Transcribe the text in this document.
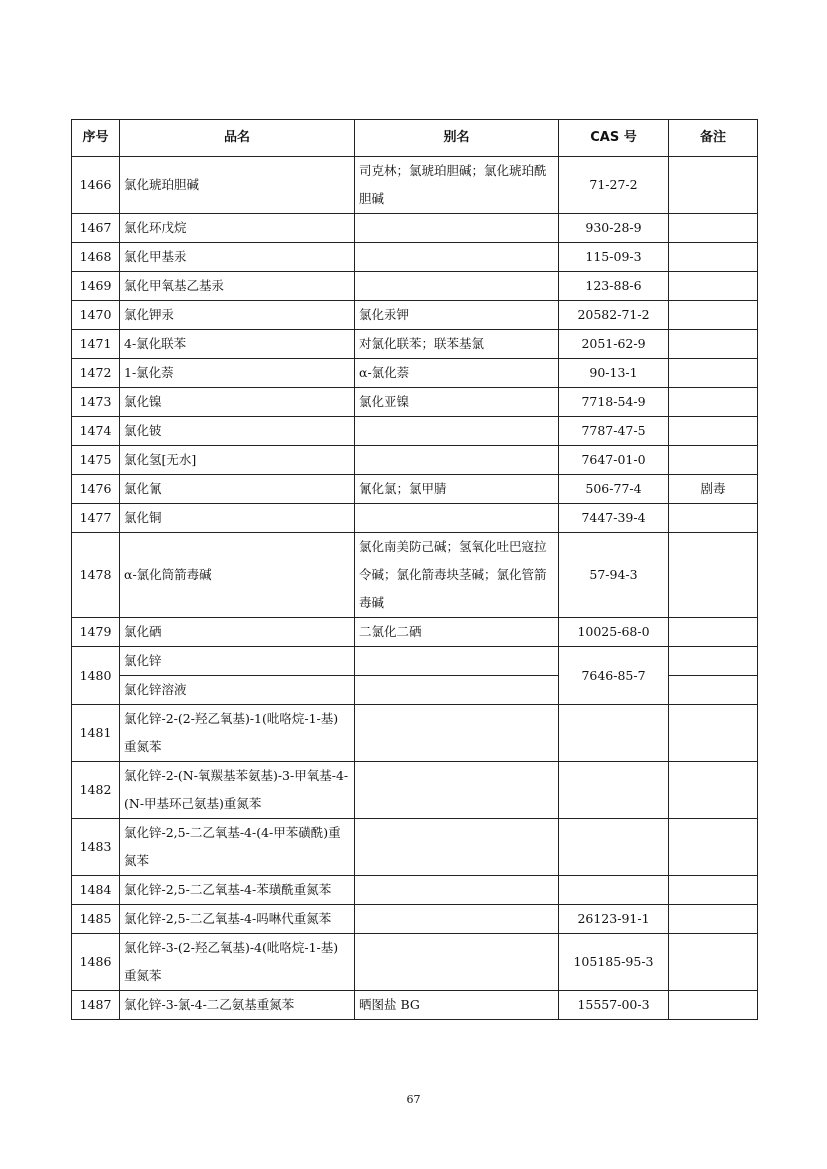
序号	品名	别名	CAS 号	备注
1466	氯化琥珀胆碱	司克林；氯琥珀胆碱；氯化琥珀酰胆碱	71-27-2	
1467	氯化环戊烷		930-28-9	
1468	氯化甲基汞		115-09-3	
1469	氯化甲氧基乙基汞		123-88-6	
1470	氯化钾汞	氯化汞钾	20582-71-2	
1471	4-氯化联苯	对氯化联苯；联苯基氯	2051-62-9	
1472	1-氯化萘	α-氯化萘	90-13-1	
1473	氯化镍	氯化亚镍	7718-54-9	
1474	氯化铍		7787-47-5	
1475	氯化氢[无水]		7647-01-0	
1476	氯化氰	氰化氯；氯甲腈	506-77-4	剧毒
1477	氯化铜		7447-39-4	
1478	α-氯化筒箭毒碱	氯化南美防己碱；氢氧化吐巴寇拉令碱；氯化箭毒块茎碱；氯化管箭毒碱	57-94-3	
1479	氯化硒	二氯化二硒	10025-68-0	
1480	氯化锌		7646-85-7	
	氯化锌溶液			
1481	氯化锌-2-(2-羟乙氧基)-1(吡咯烷-1-基)重氮苯			
1482	氯化锌-2-(N-氧羰基苯氨基)-3-甲氧基-4-(N-甲基环己氨基)重氮苯			
1483	氯化锌-2,5-二乙氧基-4-(4-甲苯磺酰)重氮苯			
1484	氯化锌-2,5-二乙氧基-4-苯璜酰重氮苯			
1485	氯化锌-2,5-二乙氧基-4-吗啉代重氮苯		26123-91-1	
1486	氯化锌-3-(2-羟乙氧基)-4(吡咯烷-1-基)重氮苯		105185-95-3	
1487	氯化锌-3-氯-4-二乙氨基重氮苯	晒图盐 BG	15557-00-3	
67
